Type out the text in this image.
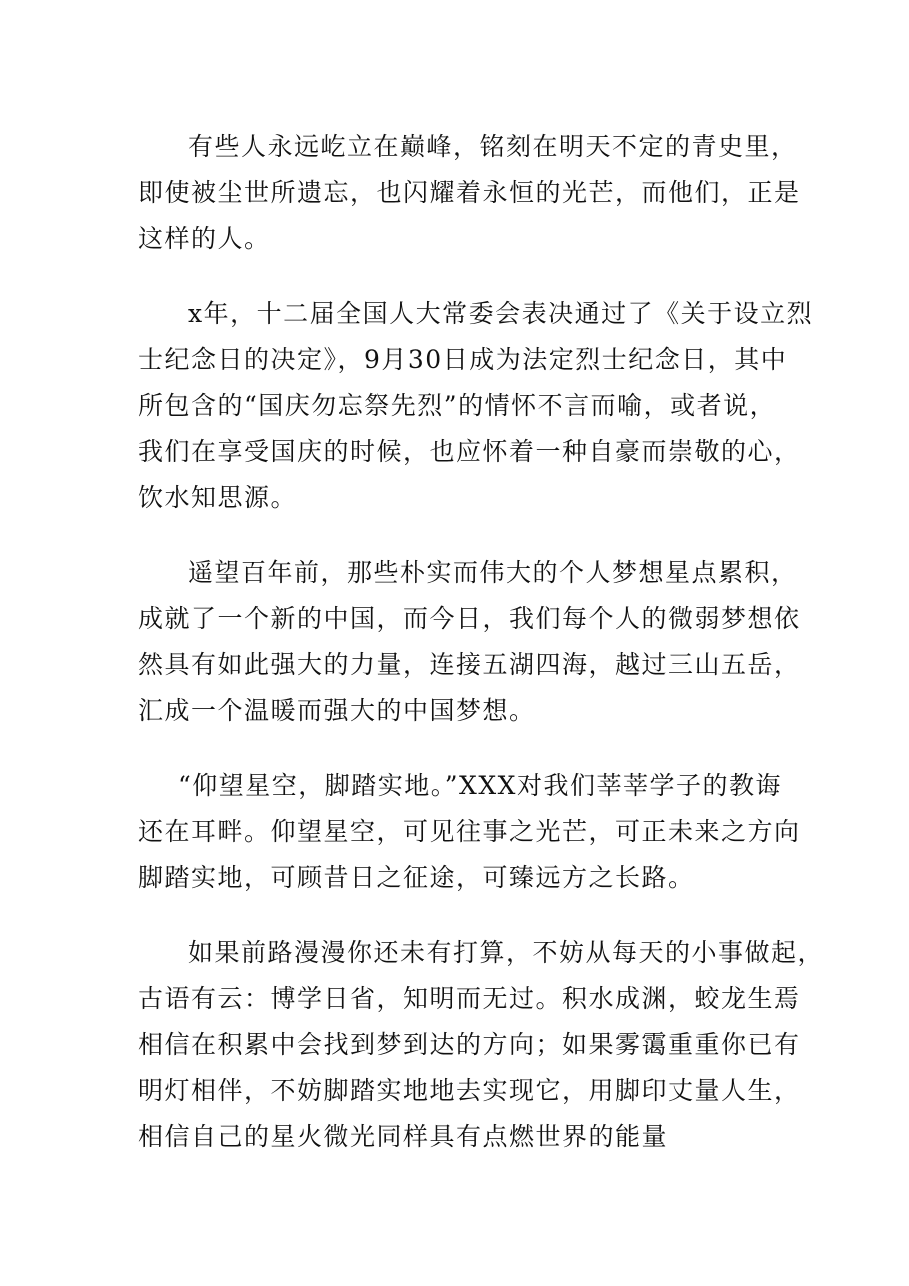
有些人永远屹立在巅峰，铭刻在明天不定的青史里，
即使被尘世所遗忘，也闪耀着永恒的光芒，而他们，正是
这样的人。
x年，十二届全国人大常委会表决通过了《关于设立烈
士纪念日的决定》，9月30日成为法定烈士纪念日，其中
所包含的“国庆勿忘祭先烈”的情怀不言而喻，或者说，
我们在享受国庆的时候，也应怀着一种自豪而崇敬的心，
饮水知思源。
遥望百年前，那些朴实而伟大的个人梦想星点累积，
成就了一个新的中国，而今日，我们每个人的微弱梦想依
然具有如此强大的力量，连接五湖四海，越过三山五岳，
汇成一个温暖而强大的中国梦想。
“仰望星空，脚踏实地。”XXX对我们莘莘学子的教诲
还在耳畔。仰望星空，可见往事之光芒，可正未来之方向
脚踏实地，可顾昔日之征途，可臻远方之长路。
如果前路漫漫你还未有打算，不妨从每天的小事做起，
古语有云：博学日省，知明而无过。积水成渊，蛟龙生焉
相信在积累中会找到梦到达的方向；如果雾霭重重你已有
明灯相伴，不妨脚踏实地地去实现它，用脚印丈量人生，
相信自己的星火微光同样具有点燃世界的能量
